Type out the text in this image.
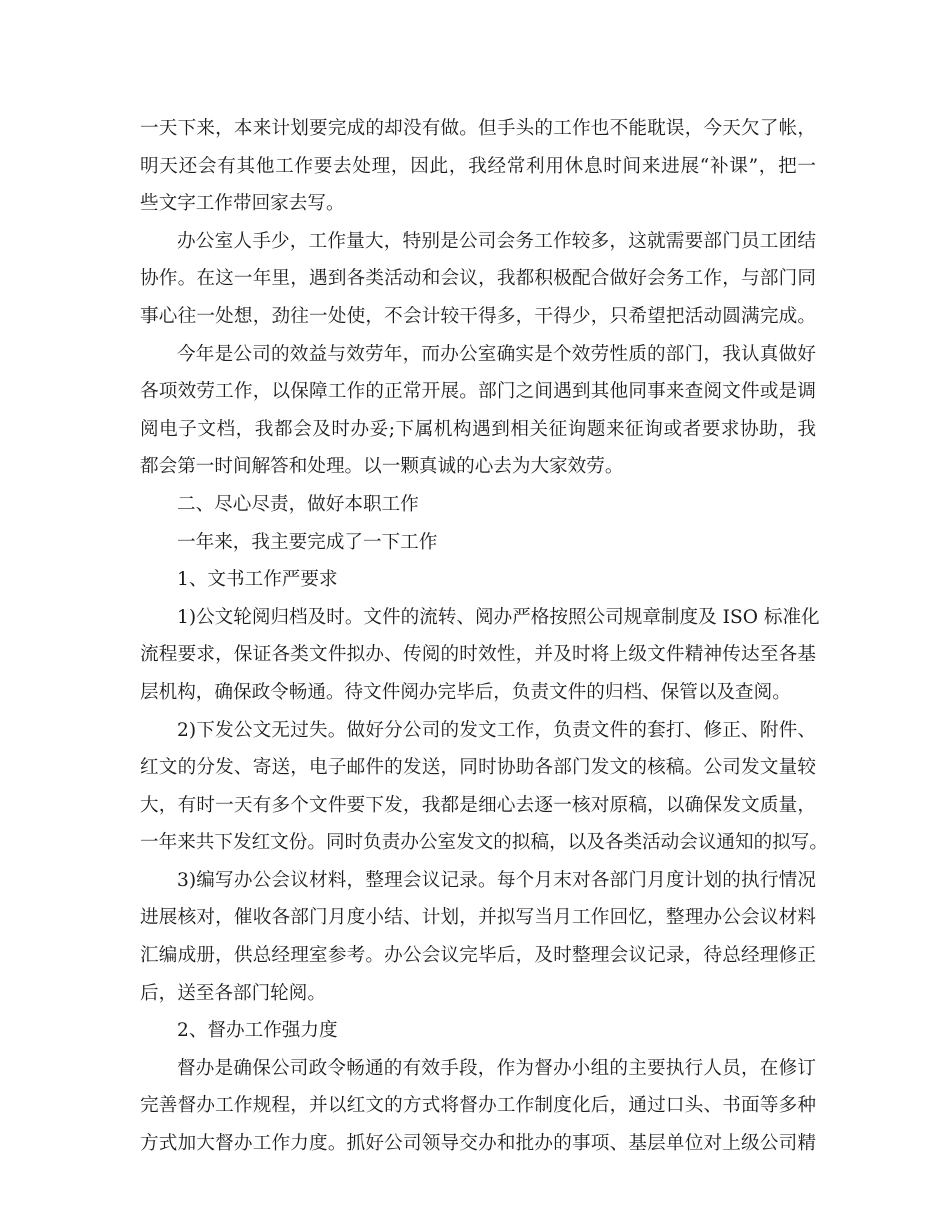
一天下来，本来计划要完成的却没有做。但手头的工作也不能耽误，今天欠了帐，
明天还会有其他工作要去处理，因此，我经常利用休息时间来进展“补课”，把一
些文字工作带回家去写。
办公室人手少，工作量大，特别是公司会务工作较多，这就需要部门员工团结
协作。在这一年里，遇到各类活动和会议，我都积极配合做好会务工作，与部门同
事心往一处想，劲往一处使，不会计较干得多，干得少，只希望把活动圆满完成。
今年是公司的效益与效劳年，而办公室确实是个效劳性质的部门，我认真做好
各项效劳工作，以保障工作的正常开展。部门之间遇到其他同事来查阅文件或是调
阅电子文档，我都会及时办妥;下属机构遇到相关征询题来征询或者要求协助，我
都会第一时间解答和处理。以一颗真诚的心去为大家效劳。
二、尽心尽责，做好本职工作
一年来，我主要完成了一下工作
1、文书工作严要求
1)公文轮阅归档及时。文件的流转、阅办严格按照公司规章制度及 ISO 标准化
流程要求，保证各类文件拟办、传阅的时效性，并及时将上级文件精神传达至各基
层机构，确保政令畅通。待文件阅办完毕后，负责文件的归档、保管以及查阅。
2)下发公文无过失。做好分公司的发文工作，负责文件的套打、修正、附件、
红文的分发、寄送，电子邮件的发送，同时协助各部门发文的核稿。公司发文量较
大，有时一天有多个文件要下发，我都是细心去逐一核对原稿，以确保发文质量，
一年来共下发红文份。同时负责办公室发文的拟稿，以及各类活动会议通知的拟写。
3)编写办公会议材料，整理会议记录。每个月末对各部门月度计划的执行情况
进展核对，催收各部门月度小结、计划，并拟写当月工作回忆，整理办公会议材料
汇编成册，供总经理室参考。办公会议完毕后，及时整理会议记录，待总经理修正
后，送至各部门轮阅。
2、督办工作强力度
督办是确保公司政令畅通的有效手段，作为督办小组的主要执行人员，在修订
完善督办工作规程，并以红文的方式将督办工作制度化后，通过口头、书面等多种
方式加大督办工作力度。抓好公司领导交办和批办的事项、基层单位对上级公司精
